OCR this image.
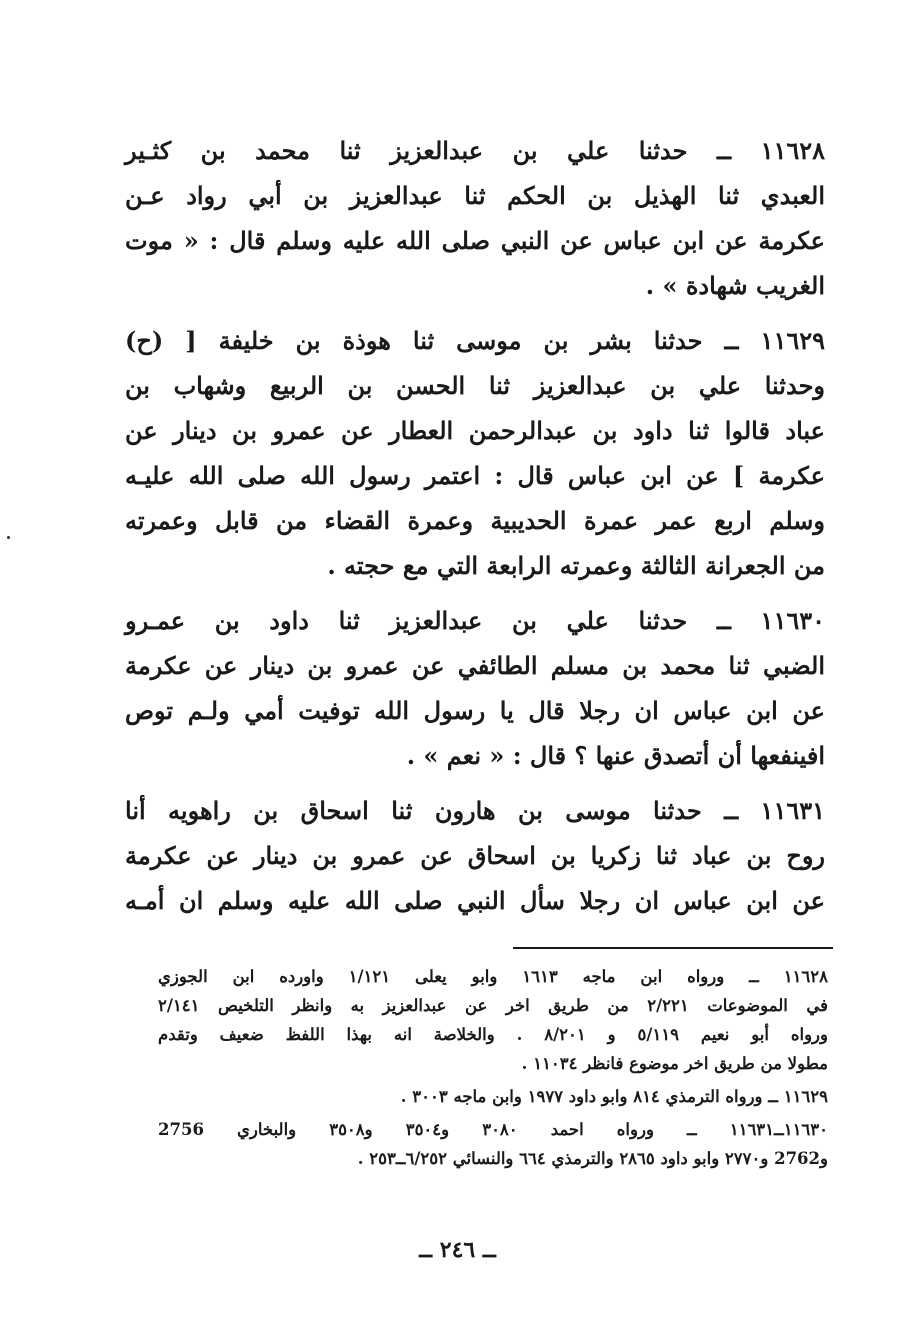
١١٦٢٨ ــ حدثنا علي بن عبدالعزيز ثنا محمد بن كثـير
العبدي ثنا الهذيل بن الحكم ثنا عبدالعزيز بن أبي رواد عـن
عكرمة عن ابن عباس عن النبي صلى الله عليه وسلم قال : « موت
الغريب شهادة » .
١١٦٢٩ ــ حدثنا بشر بن موسى ثنا هوذة بن خليفة [ (ح)
وحدثنا علي بن عبدالعزيز ثنا الحسن بن الربيع وشهاب بن
عباد قالوا ثنا داود بن عبدالرحمن العطار عن عمرو بن دينار عن
عكرمة ] عن ابن عباس قال : اعتمر رسول الله صلى الله عليـه
وسلم اربع عمر عمرة الحديبية وعمرة القضاء من قابل وعمرته
من الجعرانة الثالثة وعمرته الرابعة التي مع حجته .
١١٦٣٠ ــ حدثنا علي بن عبدالعزيز ثنا داود بن عمـرو
الضبي ثنا محمد بن مسلم الطائفي عن عمرو بن دينار عن عكرمة
عن ابن عباس ان رجلا قال يا رسول الله توفيت أمي ولـم توص
افينفعها أن أتصدق عنها ؟ قال : « نعم » .
١١٦٣١ ــ حدثنا موسى بن هارون ثنا اسحاق بن راهويه أنا
روح بن عباد ثنا زكريا بن اسحاق عن عمرو بن دينار عن عكرمة
عن ابن عباس ان رجلا سأل النبي صلى الله عليه وسلم ان أمـه
١١٦٢٨ ــ ورواه ابن ماجه ١٦١٣ وابو يعلى ١/١٢١ واورده ابن الجوزي
في الموضوعات ٢/٢٢١ من طريق اخر عن عبدالعزيز به وانظر التلخيص ٢/١٤١
ورواه أبو نعيم ٥/١١٩ و ٨/٢٠١ . والخلاصة انه بهذا اللفظ ضعيف وتقدم
مطولا من طريق اخر موضوع فانظر ١١٠٣٤ .
١١٦٢٩ ــ ورواه الترمذي ٨١٤ وابو داود ١٩٧٧ وابن ماجه ٣٠٠٣ .
١١٦٣٠ــ١١٦٣١ ــ ورواه احمد ٣٠٨٠ و٣٥٠٤ و٣٥٠٨ والبخاري 2756
و2762 و٢٧٧٠ وابو داود ٢٨٦٥ والترمذي ٦٦٤ والنسائي ٦/٢٥٢ــ٢٥٣ .
ــ ٢٤٦ ــ
